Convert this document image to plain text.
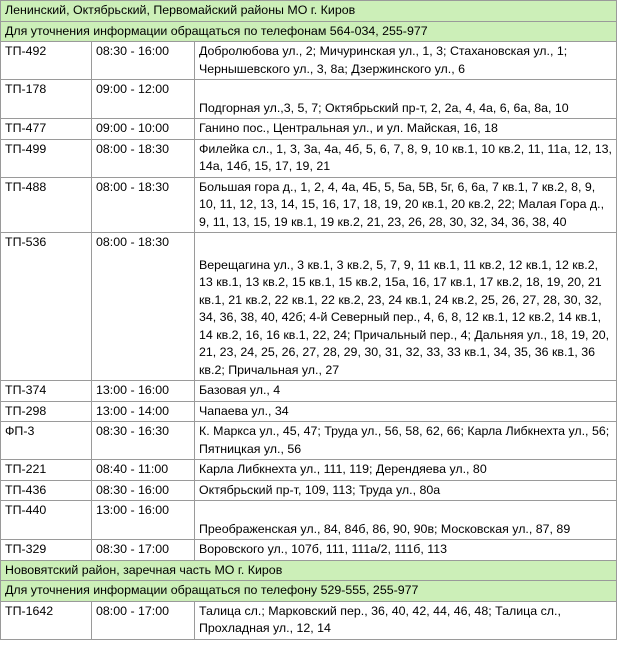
Ленинский, Октябрьский, Первомайский районы МО г. Киров		
Для уточнения информации обращаться по телефонам 564-034, 255-977		
ТП-492	08:30 - 16:00	Добролюбова ул., 2; Мичуринская ул., 1, 3; Стахановская ул., 1; Чернышевского ул., 3, 8а; Дзержинского ул., 6
ТП-178	09:00 - 12:00	Подгорная ул.,3, 5, 7; Октябрьский пр-т, 2, 2а, 4, 4а, 6, 6а, 8а, 10
ТП-477	09:00 - 10:00	Ганино пос., Центральная ул., и ул. Майская, 16, 18
ТП-499	08:00 - 18:30	Филейка сл., 1, 3, 3а, 4а, 4б, 5, 6, 7, 8, 9, 10 кв.1, 10 кв.2, 11, 11а, 12, 13, 14а, 14б, 15, 17, 19, 21
ТП-488	08:00 - 18:30	Большая гора д., 1, 2, 4, 4а, 4Б, 5, 5а, 5В, 5г, 6, 6а, 7 кв.1, 7 кв.2, 8, 9, 10, 11, 12, 13, 14, 15, 16, 17, 18, 19, 20 кв.1, 20 кв.2, 22; Малая Гора д., 9, 11, 13, 15, 19 кв.1, 19 кв.2, 21, 23, 26, 28, 30, 32, 34, 36, 38, 40
ТП-536	08:00 - 18:30	Верещагина ул., 3 кв.1, 3 кв.2, 5, 7, 9, 11 кв.1, 11 кв.2, 12 кв.1, 12 кв.2, 13 кв.1, 13 кв.2, 15 кв.1, 15 кв.2, 15а, 16, 17 кв.1, 17 кв.2, 18, 19, 20, 21 кв.1, 21 кв.2, 22 кв.1, 22 кв.2, 23, 24 кв.1, 24 кв.2, 25, 26, 27, 28, 30, 32, 34, 36, 38, 40, 42б; 4-й Северный пер., 4, 6, 8, 12 кв.1, 12 кв.2, 14 кв.1, 14 кв.2, 16, 16 кв.1, 22, 24; Причальный пер., 4; Дальняя ул., 18, 19, 20, 21, 23, 24, 25, 26, 27, 28, 29, 30, 31, 32, 33, 33 кв.1, 34, 35, 36 кв.1, 36 кв.2; Причальная ул., 27
ТП-374	13:00 - 16:00	Базовая ул., 4
ТП-298	13:00 - 14:00	Чапаева ул., 34
ФП-3	08:30 - 16:30	К. Маркса ул., 45, 47; Труда ул., 56, 58, 62, 66; Карла Либкнехта ул., 56; Пятницкая ул., 56
ТП-221	08:40 - 11:00	Карла Либкнехта ул., 111, 119; Дерендяева ул., 80
ТП-436	08:30 - 16:00	Октябрьский пр-т, 109, 113; Труда ул., 80а
ТП-440	13:00 - 16:00	Преображенская ул., 84, 84б, 86, 90, 90в; Московская ул., 87, 89
ТП-329	08:30 - 17:00	Воровского ул., 107б, 111, 111а/2, 111б, 113
Нововятский район, заречная часть МО г. Киров		
Для уточнения информации обращаться по телефону 529-555, 255-977		
ТП-1642	08:00 - 17:00	Талица сл.; Марковский пер., 36, 40, 42, 44, 46, 48; Талица сл., Прохладная ул., 12, 14
